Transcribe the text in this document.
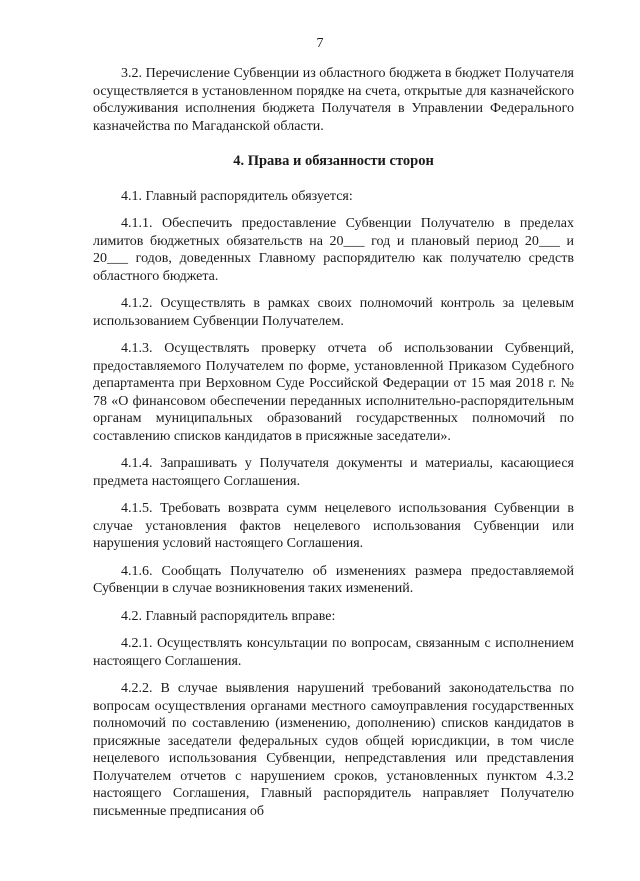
7

3.2. Перечисление Субвенции из областного бюджета в бюджет Получателя осуществляется в установленном порядке на счета, открытые для казначейского обслуживания исполнения бюджета Получателя в Управлении Федерального казначейства по Магаданской области.

4. Права и обязанности сторон

4.1. Главный распорядитель обязуется:

4.1.1. Обеспечить предоставление Субвенции Получателю в пределах лимитов бюджетных обязательств на 20___ год и плановый период 20___ и 20___ годов, доведенных Главному распорядителю как получателю средств областного бюджета.

4.1.2. Осуществлять в рамках своих полномочий контроль за целевым использованием Субвенции Получателем.

4.1.3. Осуществлять проверку отчета об использовании Субвенций, предоставляемого Получателем по форме, установленной Приказом Судебного департамента при Верховном Суде Российской Федерации от 15 мая 2018 г. № 78 «О финансовом обеспечении переданных исполнительно-распорядительным органам муниципальных образований государственных полномочий по составлению списков кандидатов в присяжные заседатели».

4.1.4. Запрашивать у Получателя документы и материалы, касающиеся предмета настоящего Соглашения.

4.1.5. Требовать возврата сумм нецелевого использования Субвенции в случае установления фактов нецелевого использования Субвенции или нарушения условий настоящего Соглашения.

4.1.6. Сообщать Получателю об изменениях размера предоставляемой Субвенции в случае возникновения таких изменений.

4.2. Главный распорядитель вправе:

4.2.1. Осуществлять консультации по вопросам, связанным с исполнением настоящего Соглашения.

4.2.2. В случае выявления нарушений требований законодательства по вопросам осуществления органами местного самоуправления государственных полномочий по составлению (изменению, дополнению) списков кандидатов в присяжные заседатели федеральных судов общей юрисдикции, в том числе нецелевого использования Субвенции, непредставления или представления Получателем отчетов с нарушением сроков, установленных пунктом 4.3.2 настоящего Соглашения, Главный распорядитель направляет Получателю письменные предписания об
